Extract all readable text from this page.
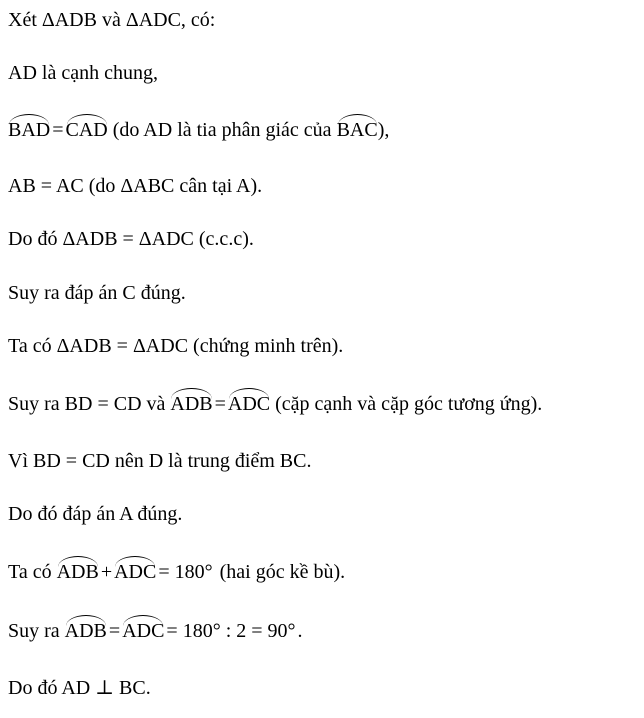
Xét ΔADB và ΔADC, có:
AD là cạnh chung,
BAD = CAD (do AD là tia phân giác của BAC),
AB = AC (do ΔABC cân tại A).
Do đó ΔADB = ΔADC (c.c.c).
Suy ra đáp án C đúng.
Ta có ΔADB = ΔADC (chứng minh trên).
Suy ra BD = CD và ADB = ADC (cặp cạnh và cặp góc tương ứng).
Vì BD = CD nên D là trung điểm BC.
Do đó đáp án A đúng.
Ta có ADB + ADC = 180° (hai góc kề bù).
Suy ra ADB = ADC = 180° : 2 = 90° .
Do đó AD ⊥ BC.
